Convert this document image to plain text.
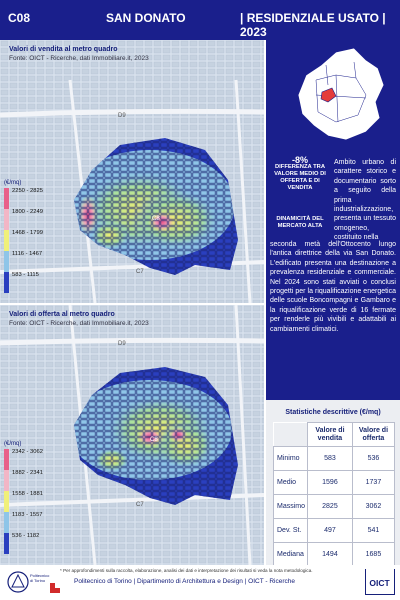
C08	SAN DONATO	| RESIDENZIALE USATO | 2023
D9
C7
C8
Valori di vendita al metro quadro
Fonte: OICT - Ricerche, dati Immobiliare.it, 2023
(€/mq)
2250 - 2825
1800 - 2249
1468 - 1799
1116 - 1467
583 - 1115
D9
C7
C8
Valori di offerta al metro quadro
Fonte: OICT - Ricerche, dati Immobiliare.it, 2023
(€/mq)
2342 - 3062
1882 - 2341
1558 - 1881
1183 - 1557
536 - 1182
-8%
DIFFERENZA TRA VALORE MEDIO DI OFFERTA E DI VENDITA
DINAMICITÀ DEL MERCATO ALTA
Ambito urbano di carattere storico e documentario sorto a seguito della prima industrializzazione, presenta un tessuto omogeneo, costituito nella
seconda metà dell'Ottocento lungo l'antica direttrice della via San Donato. L'edificato presenta una destinazione a prevalenza residenziale e commerciale. Nel 2024 sono stati avviati o conclusi progetti per la riqualificazione energetica delle scuole Boncompagni e Gambaro e la riqualificazione verde di 16 fermate per renderle più vivibili e adattabili ai cambiamenti climatici.
Statistiche descrittive (€/mq)
	Valore di vendita	Valore di offerta
Minimo	583	536
Medio	1596	1737
Massimo	2825	3062
Dev. St.	497	541
Mediana	1494	1685
Politecnico
di Torino
* Per approfondimenti sulla raccolta, elaborazione, analisi dei dati e interpretazione dei risultati si veda la nota metodologica.
Politecnico di Torino | Dipartimento di Architettura e Design | OICT - Ricerche	OICT
